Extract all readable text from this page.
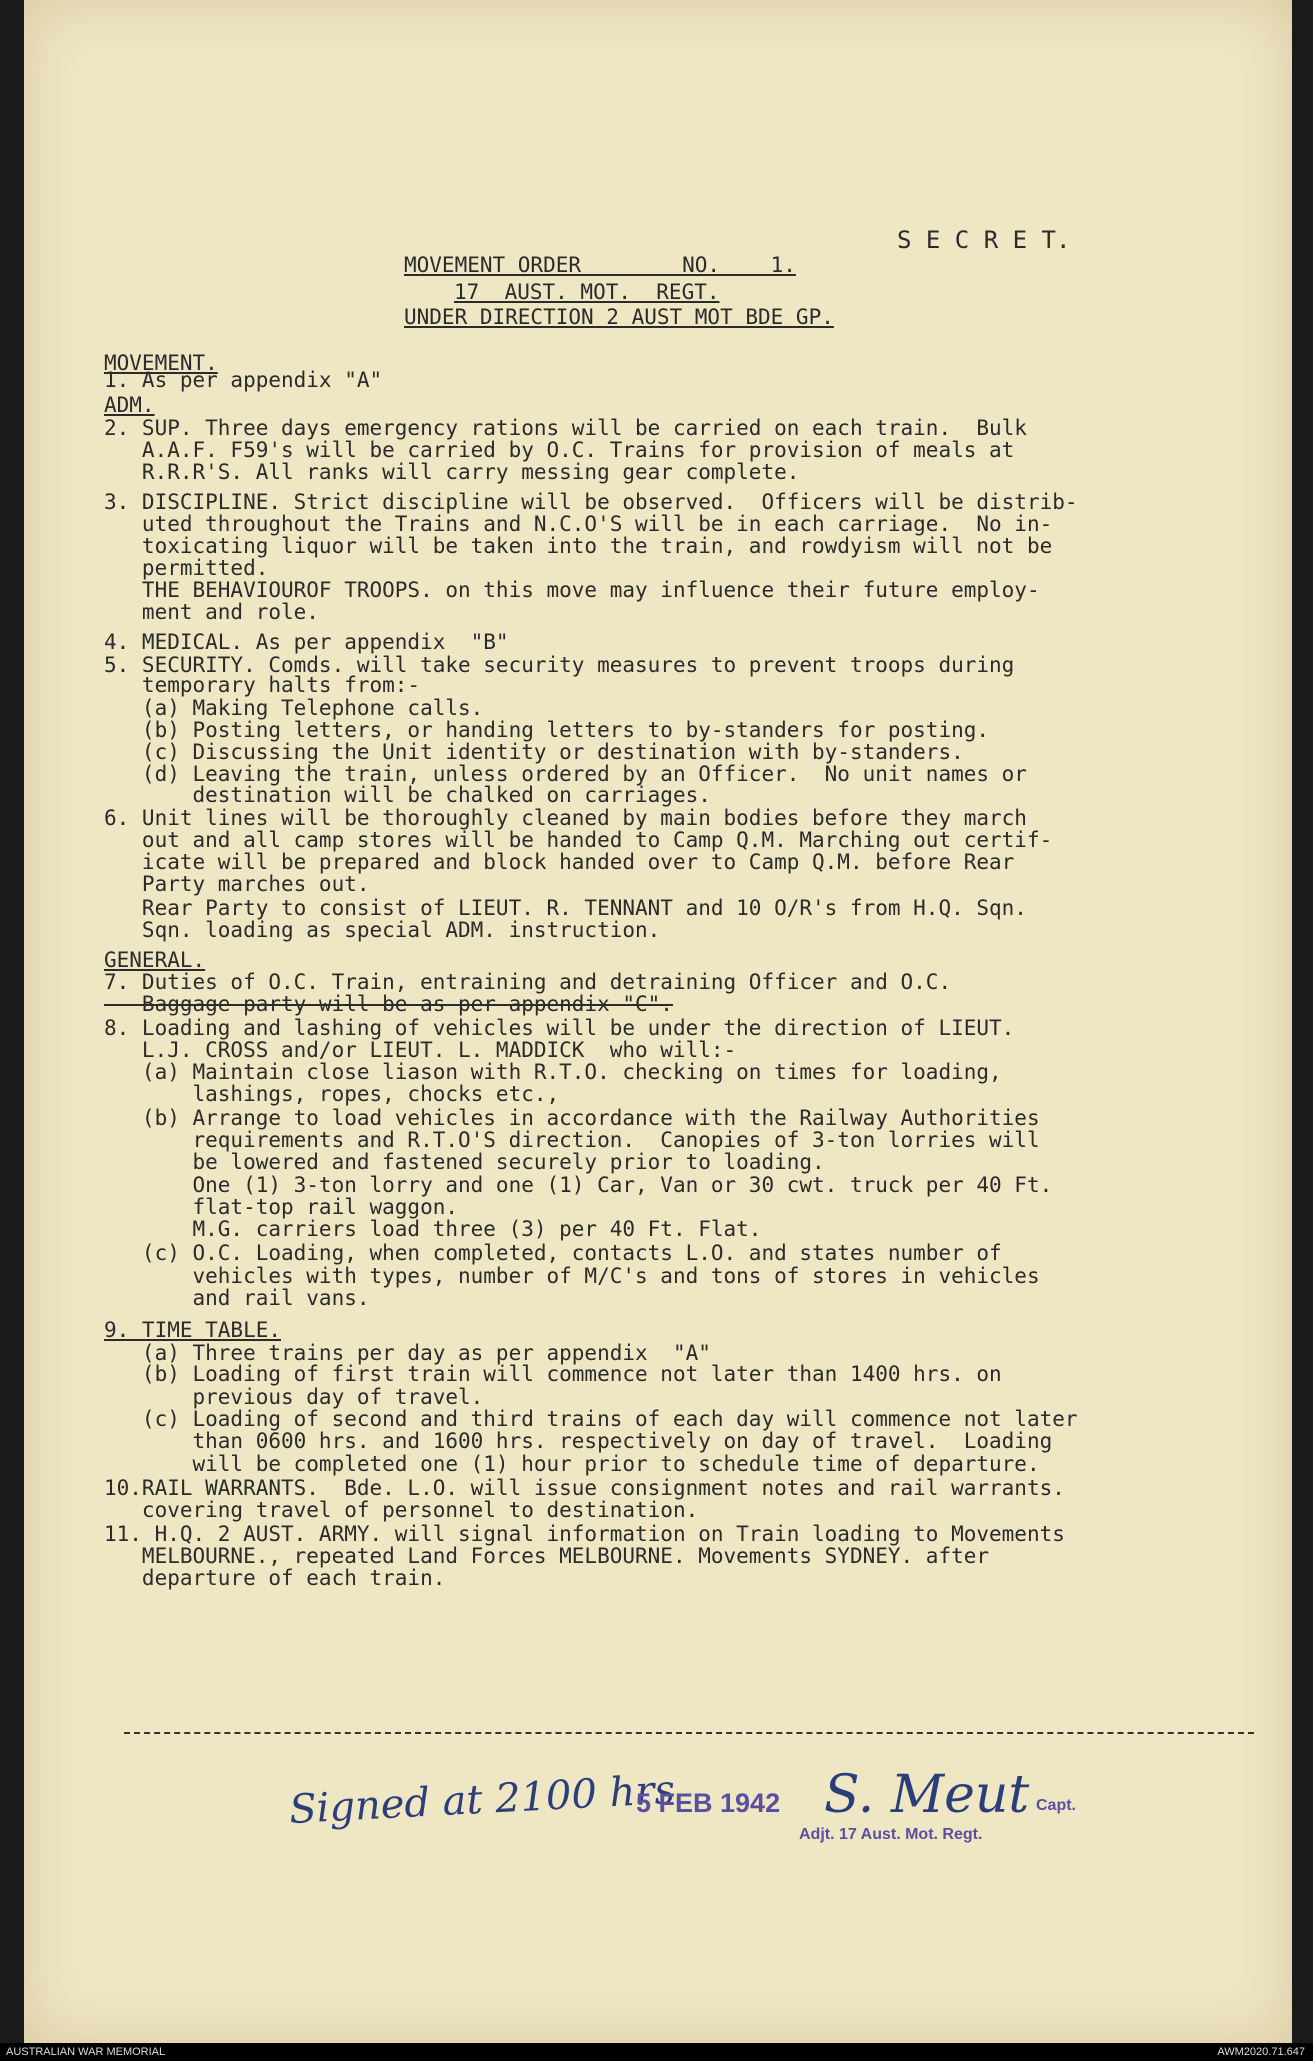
S E C R E T.
MOVEMENT ORDER        NO.    1.
17  AUST. MOT.  REGT.
UNDER DIRECTION 2 AUST MOT BDE GP.
MOVEMENT.
1. As per appendix "A"
ADM.
2. SUP. Three days emergency rations will be carried on each train.  Bulk
A.A.F. F59's will be carried by O.C. Trains for provision of meals at
R.R.R'S. All ranks will carry messing gear complete.
3. DISCIPLINE. Strict discipline will be observed.  Officers will be distrib-
uted throughout the Trains and N.C.O'S will be in each carriage.  No in-
toxicating liquor will be taken into the train, and rowdyism will not be
permitted.
THE BEHAVIOUROF TROOPS. on this move may influence their future employ-
ment and role.
4. MEDICAL. As per appendix  "B"
5. SECURITY. Comds. will take security measures to prevent troops during
temporary halts from:-
(a) Making Telephone calls.
(b) Posting letters, or handing letters to by-standers for posting.
(c) Discussing the Unit identity or destination with by-standers.
(d) Leaving the train, unless ordered by an Officer.  No unit names or
destination will be chalked on carriages.
6. Unit lines will be thoroughly cleaned by main bodies before they march
out and all camp stores will be handed to Camp Q.M. Marching out certif-
icate will be prepared and block handed over to Camp Q.M. before Rear
Party marches out.
Rear Party to consist of LIEUT. R. TENNANT and 10 O/R's from H.Q. Sqn.
Sqn. loading as special ADM. instruction.
GENERAL.
7. Duties of O.C. Train, entraining and detraining Officer and O.C.
Baggage party will be as per appendix "C".
8. Loading and lashing of vehicles will be under the direction of LIEUT.
L.J. CROSS and/or LIEUT. L. MADDICK  who will:-
(a) Maintain close liason with R.T.O. checking on times for loading,
lashings, ropes, chocks etc.,
(b) Arrange to load vehicles in accordance with the Railway Authorities
requirements and R.T.O'S direction.  Canopies of 3-ton lorries will
be lowered and fastened securely prior to loading.
One (1) 3-ton lorry and one (1) Car, Van or 30 cwt. truck per 40 Ft.
flat-top rail waggon.
M.G. carriers load three (3) per 40 Ft. Flat.
(c) O.C. Loading, when completed, contacts L.O. and states number of
vehicles with types, number of M/C's and tons of stores in vehicles
and rail vans.
9. TIME TABLE.
(a) Three trains per day as per appendix  "A"
(b) Loading of first train will commence not later than 1400 hrs. on
previous day of travel.
(c) Loading of second and third trains of each day will commence not later
than 0600 hrs. and 1600 hrs. respectively on day of travel.  Loading
will be completed one (1) hour prior to schedule time of departure.
10.RAIL WARRANTS.  Bde. L.O. will issue consignment notes and rail warrants.
covering travel of personnel to destination.
11. H.Q. 2 AUST. ARMY. will signal information on Train loading to Movements
MELBOURNE., repeated Land Forces MELBOURNE. Movements SYDNEY. after
departure of each train.
Signed at 2100 hrs
5 FEB 1942 S. Meut Capt.
Adjt. 17 Aust. Mot. Regt.
AUSTRALIAN WAR MEMORIAL	AWM2020.71.647
